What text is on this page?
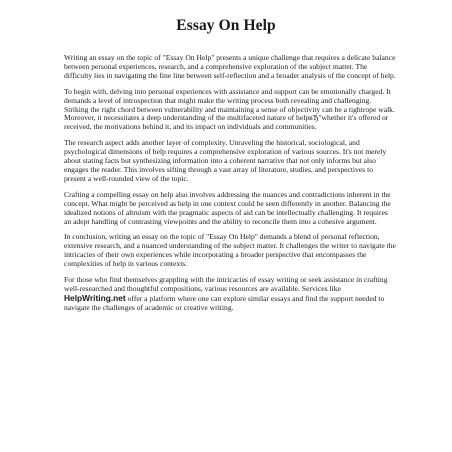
Essay On Help

Writing an essay on the topic of "Essay On Help" presents a unique challenge that requires a delicate balance between personal experiences, research, and a comprehensive exploration of the subject matter. The difficulty lies in navigating the fine line between self-reflection and a broader analysis of the concept of help.

To begin with, delving into personal experiences with assistance and support can be emotionally charged. It demands a level of introspection that might make the writing process both revealing and challenging. Striking the right chord between vulnerability and maintaining a sense of objectivity can be a tightrope walk. Moreover, it necessitates a deep understanding of the multifaceted nature of helpвЂ"whether it's offered or received, the motivations behind it, and its impact on individuals and communities.

The research aspect adds another layer of complexity. Unraveling the historical, sociological, and psychological dimensions of help requires a comprehensive exploration of various sources. It's not merely about stating facts but synthesizing information into a coherent narrative that not only informs but also engages the reader. This involves sifting through a vast array of literature, studies, and perspectives to present a well-rounded view of the topic.

Crafting a compelling essay on help also involves addressing the nuances and contradictions inherent in the concept. What might be perceived as help in one context could be seen differently in another. Balancing the idealized notions of altruism with the pragmatic aspects of aid can be intellectually challenging. It requires an adept handling of contrasting viewpoints and the ability to reconcile them into a cohesive argument.

In conclusion, writing an essay on the topic of "Essay On Help" demands a blend of personal reflection, extensive research, and a nuanced understanding of the subject matter. It challenges the writer to navigate the intricacies of their own experiences while incorporating a broader perspective that encompasses the complexities of help in various contexts.

For those who find themselves grappling with the intricacies of essay writing or seek assistance in crafting well-researched and thoughtful compositions, various resources are available. Services like HelpWriting.net offer a platform where one can explore similar essays and find the support needed to navigate the challenges of academic or creative writing.
